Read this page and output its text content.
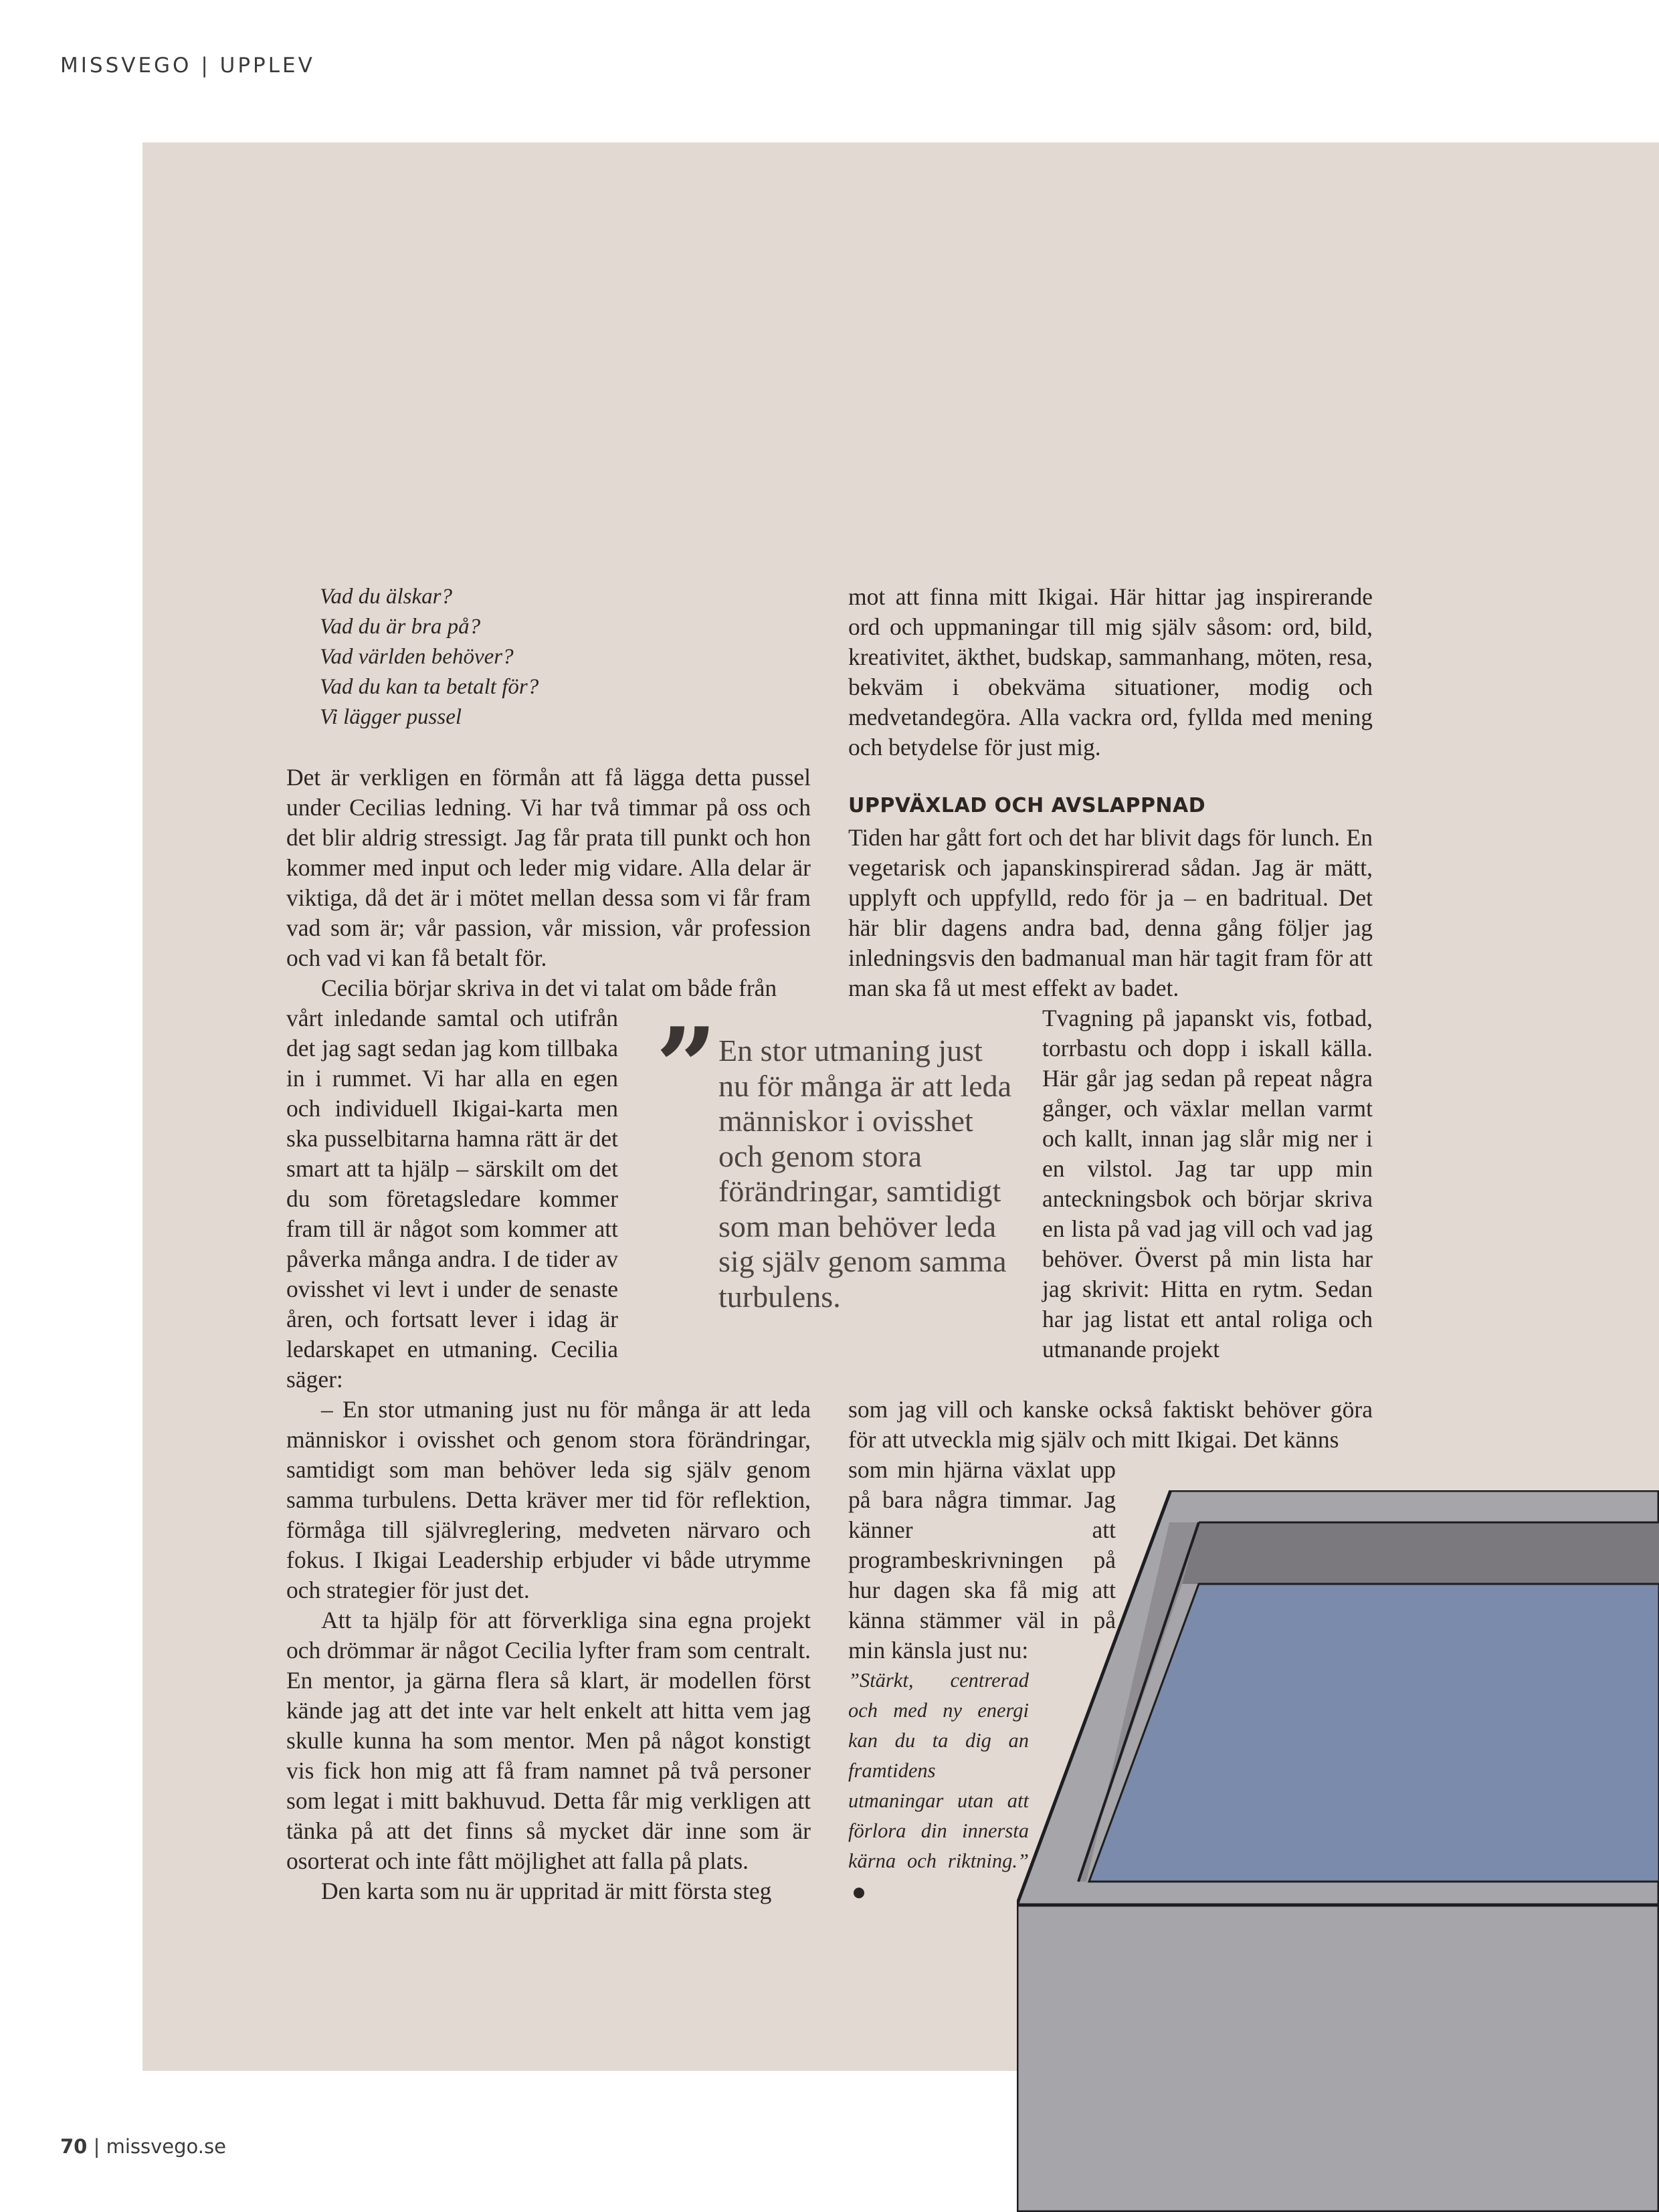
MISSVEGO | UPPLEV
Vad du älskar?
Vad du är bra på?
Vad världen behöver?
Vad du kan ta betalt för?
Vi lägger pussel

Det är verkligen en förmån att få lägga detta pussel under Cecilias ledning. Vi har två timmar på oss och det blir aldrig stressigt. Jag får prata till punkt och hon kommer med input och leder mig vidare. Alla delar är viktiga, då det är i mötet mellan dessa som vi får fram vad som är; vår passion, vår mission, vår profession och vad vi kan få betalt för.

Cecilia börjar skriva in det vi talat om både från

vårt inledande samtal och utifrån det jag sagt sedan jag kom tillbaka in i rummet. Vi har alla en egen och individuell Ikigai-karta men ska pusselbitarna hamna rätt är det smart att ta hjälp – särskilt om det du som företagsledare kommer fram till är något som kommer att påverka många andra. I de tider av ovisshet vi levt i under de senaste åren, och fortsatt lever i idag är ledarskapet en utmaning. Cecilia säger:

– En stor utmaning just nu för många är att leda människor i ovisshet och genom stora förändringar, samtidigt som man behöver leda sig själv genom samma turbulens. Detta kräver mer tid för reflektion, förmåga till självreglering, medveten närvaro och fokus. I Ikigai Leadership erbjuder vi både utrymme och strategier för just det.

Att ta hjälp för att förverkliga sina egna projekt och drömmar är något Cecilia lyfter fram som centralt. En mentor, ja gärna flera så klart, är modellen först kände jag att det inte var helt enkelt att hitta vem jag skulle kunna ha som mentor. Men på något konstigt vis fick hon mig att få fram namnet på två personer som legat i mitt bakhuvud. Detta får mig verkligen att tänka på att det finns så mycket där inne som är osorterat och inte fått möjlighet att falla på plats.

Den karta som nu är uppritad är mitt första steg

mot att finna mitt Ikigai. Här hittar jag inspirerande ord och uppmaningar till mig själv såsom: ord, bild, kreativitet, äkthet, budskap, sammanhang, möten, resa, bekväm i obekväma situationer, modig och medvetandegöra. Alla vackra ord, fyllda med mening och betydelse för just mig.

UPPVÄXLAD OCH AVSLAPPNAD

Tiden har gått fort och det har blivit dags för lunch. En vegetarisk och japanskinspirerad sådan. Jag är mätt, upplyft och uppfylld, redo för ja – en badritual. Det här blir dagens andra bad, denna gång följer jag inledningsvis den badmanual man här tagit fram för att man ska få ut mest effekt av badet.

Tvagning på japanskt vis, fotbad, torrbastu och dopp i iskall källa. Här går jag sedan på repeat några gånger, och växlar mellan varmt och kallt, innan jag slår mig ner i en vilstol. Jag tar upp min anteckningsbok och börjar skriva en lista på vad jag vill och vad jag behöver. Överst på min lista har jag skrivit: Hitta en rytm. Sedan har jag listat ett antal roliga och utmanande projekt

som jag vill och kanske också faktiskt behöver göra för att utveckla mig själv och mitt Ikigai. Det känns

som min hjärna växlat upp på bara några timmar. Jag känner att programbeskrivningen på hur dagen ska få mig att känna stämmer väl in på min känsla just nu:

”Stärkt, centrerad och med ny energi kan du ta dig an framtidens utmaningar utan att förlora din innersta kärna och riktning.”
” En stor utmaning just nu för många är att leda människor i ovisshet och genom stora förändringar, samtidigt som man behöver leda sig själv genom samma turbulens.
70 | missvego.se
